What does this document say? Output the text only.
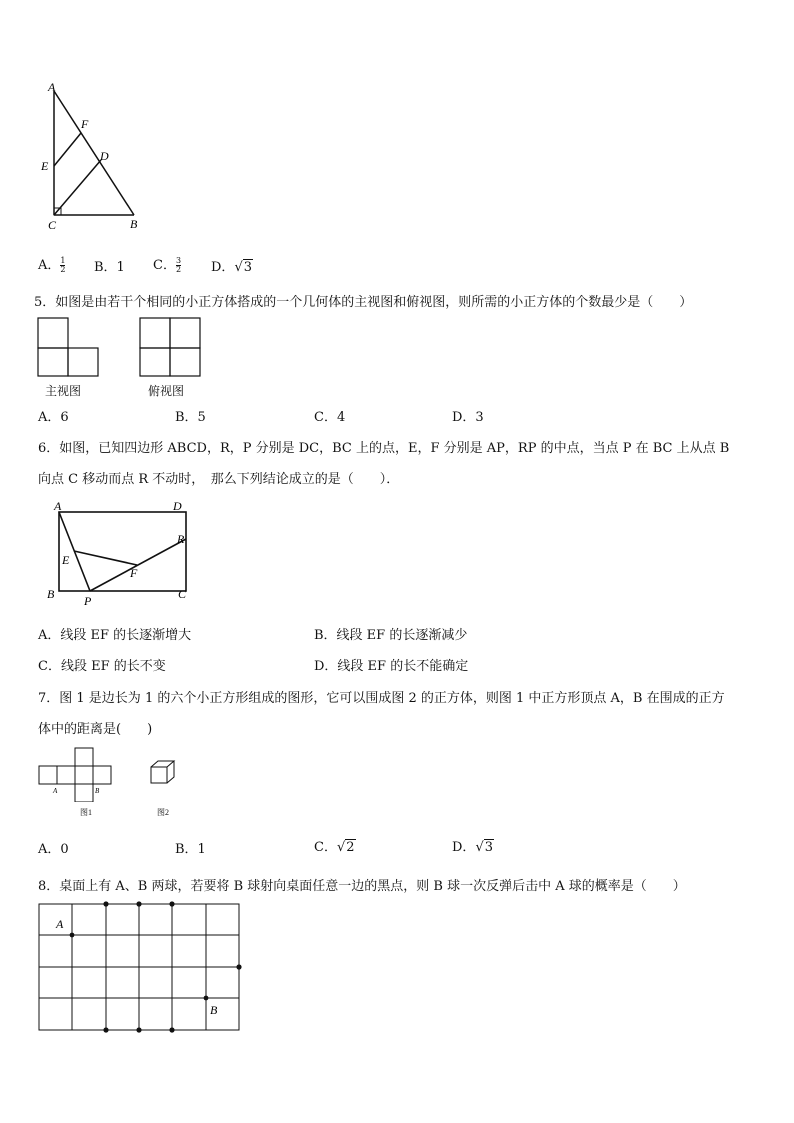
A
F
E
D
C	B
A． $\frac{1}{2}$ B．1 C． $\frac{3}{2}$ D．√3
5．如图是由若干个相同的小正方体搭成的一个几何体的主视图和俯视图，则所需的小正方体的个数最少是（　　）
主视图	俯视图
A．6	B．5	C．4	D．3
6．如图，已知四边形 ABCD，R，P 分别是 DC，BC 上的点，E，F 分别是 AP，RP 的中点，当点 P 在 BC 上从点 B
向点 C 移动而点 R 不动时，　那么下列结论成立的是（　　）．
A	D
R
E
F
B P	C
A．线段 EF 的长逐渐增大	B．线段 EF 的长逐渐减少
C．线段 EF 的长不变	D．线段 EF 的长不能确定
7．图 1 是边长为 1 的六个小正方形组成的图形，它可以围成图 2 的正方体，则图 1 中正方形顶点 A，B 在围成的正方
体中的距离是(　　)
A	B
图1	图2
A．0	B．1	C．√2	D．√3
8．桌面上有 A、B 两球，若要将 B 球射向桌面任意一边的黑点，则 B 球一次反弹后击中 A 球的概率是（　　）
A
B
